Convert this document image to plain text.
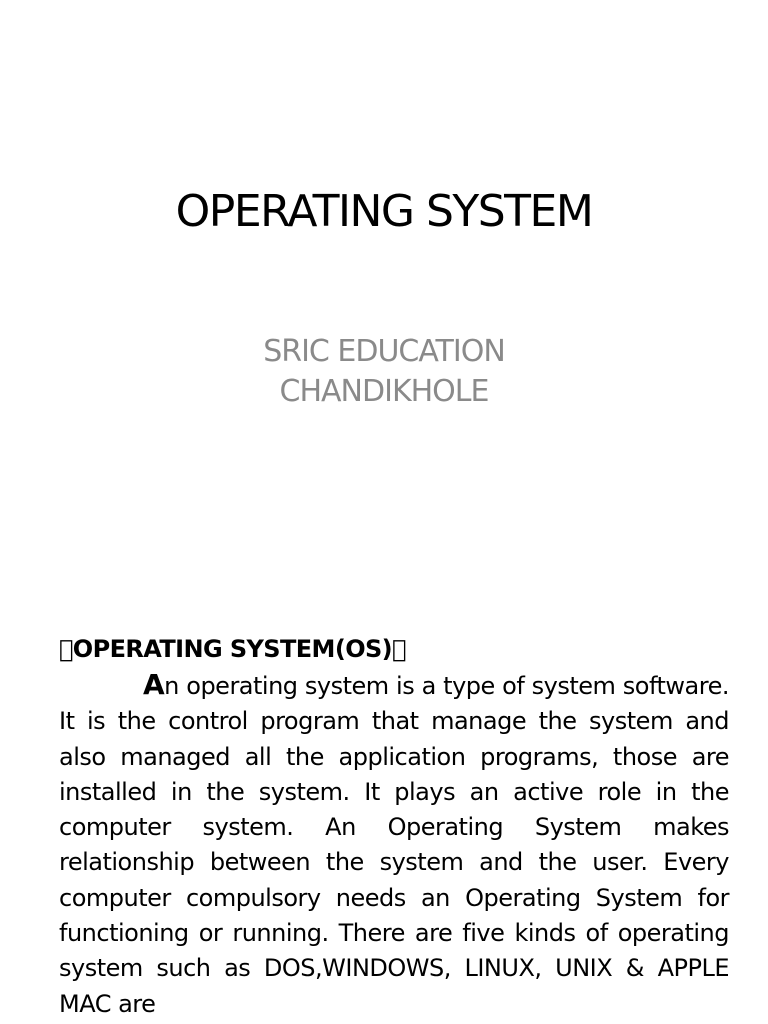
OPERATING SYSTEM
SRIC EDUCATION
CHANDIKHOLE
OPERATING SYSTEM(OS)

An operating system is a type of system software. It is the control program that manage the system and also managed all the application programs, those are installed in the system. It plays an active role in the computer system. An Operating System makes relationship between the system and the user. Every computer compulsory needs an Operating System for functioning or running. There are five kinds of operating system such as DOS,WINDOWS, LINUX, UNIX & APPLE MAC are
